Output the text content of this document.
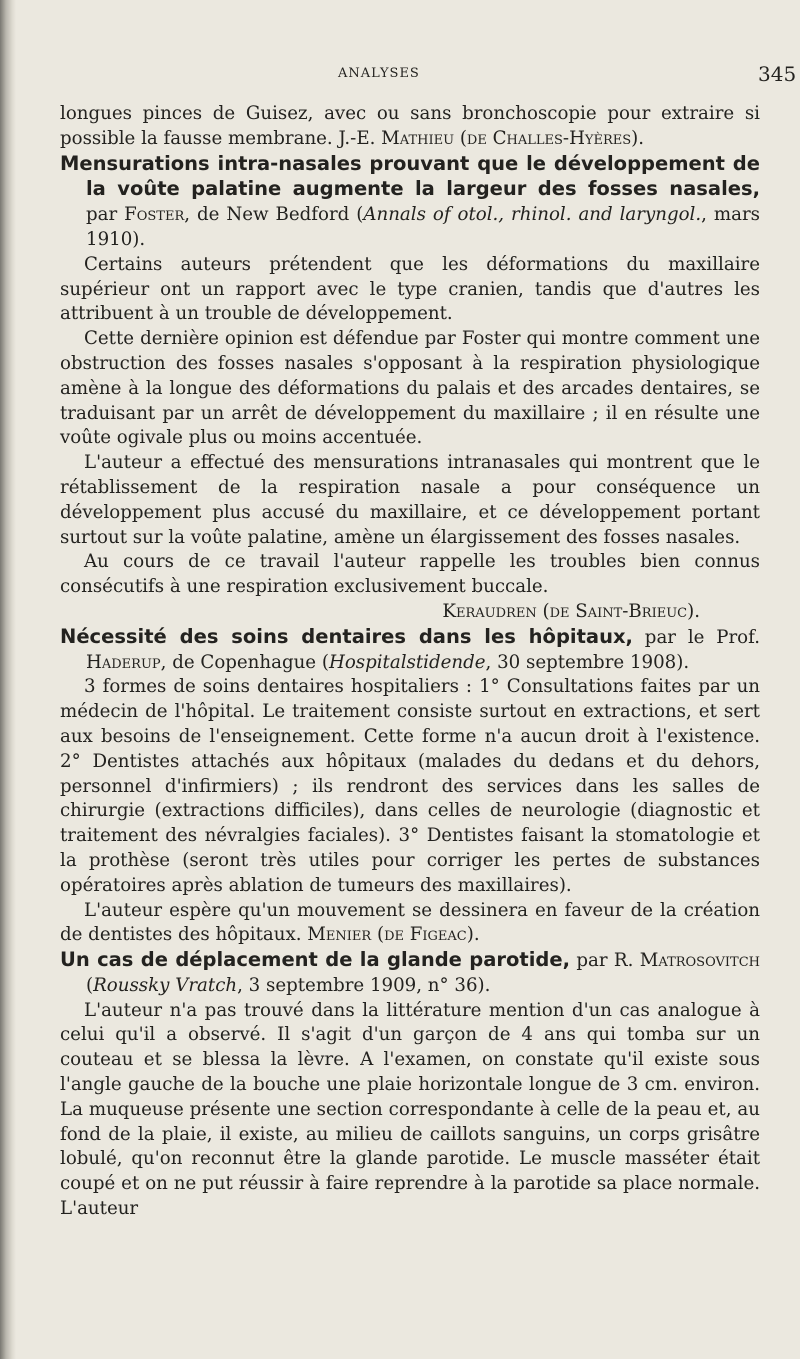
ANALYSES	345

longues pinces de Guisez, avec ou sans bronchoscopie pour extraire si possible la fausse membrane. J.-E. Mathieu (de Challes-Hyères).

Mensurations intra-nasales prouvant que le développement de la voûte palatine augmente la largeur des fosses nasales, par Foster, de New Bedford (Annals of otol., rhinol. and laryngol., mars 1910).

Certains auteurs prétendent que les déformations du maxillaire supérieur ont un rapport avec le type cranien, tandis que d'autres les attribuent à un trouble de développement.

Cette dernière opinion est défendue par Foster qui montre comment une obstruction des fosses nasales s'opposant à la respiration physiologique amène à la longue des déformations du palais et des arcades dentaires, se traduisant par un arrêt de développement du maxillaire ; il en résulte une voûte ogivale plus ou moins accentuée.

L'auteur a effectué des mensurations intranasales qui montrent que le rétablissement de la respiration nasale a pour conséquence un développement plus accusé du maxillaire, et ce développement portant surtout sur la voûte palatine, amène un élargissement des fosses nasales.

Au cours de ce travail l'auteur rappelle les troubles bien connus consécutifs à une respiration exclusivement buccale.

Keraudren (de Saint-Brieuc).

Nécessité des soins dentaires dans les hôpitaux, par le Prof. Haderup, de Copenhague (Hospitalstidende, 30 septembre 1908).

3 formes de soins dentaires hospitaliers : 1° Consultations faites par un médecin de l'hôpital. Le traitement consiste surtout en extractions, et sert aux besoins de l'enseignement. Cette forme n'a aucun droit à l'existence. 2° Dentistes attachés aux hôpitaux (malades du dedans et du dehors, personnel d'infirmiers) ; ils rendront des services dans les salles de chirurgie (extractions difficiles), dans celles de neurologie (diagnostic et traitement des névralgies faciales). 3° Dentistes faisant la stomatologie et la prothèse (seront très utiles pour corriger les pertes de substances opératoires après ablation de tumeurs des maxillaires).

L'auteur espère qu'un mouvement se dessinera en faveur de la création de dentistes des hôpitaux. Menier (de Figeac).

Un cas de déplacement de la glande parotide, par R. Matrosovitch (Roussky Vratch, 3 septembre 1909, n° 36).

L'auteur n'a pas trouvé dans la littérature mention d'un cas analogue à celui qu'il a observé. Il s'agit d'un garçon de 4 ans qui tomba sur un couteau et se blessa la lèvre. A l'examen, on constate qu'il existe sous l'angle gauche de la bouche une plaie horizontale longue de 3 cm. environ. La muqueuse présente une section correspondante à celle de la peau et, au fond de la plaie, il existe, au milieu de caillots sanguins, un corps grisâtre lobulé, qu'on reconnut être la glande parotide. Le muscle masséter était coupé et on ne put réussir à faire reprendre à la parotide sa place normale. L'auteur
